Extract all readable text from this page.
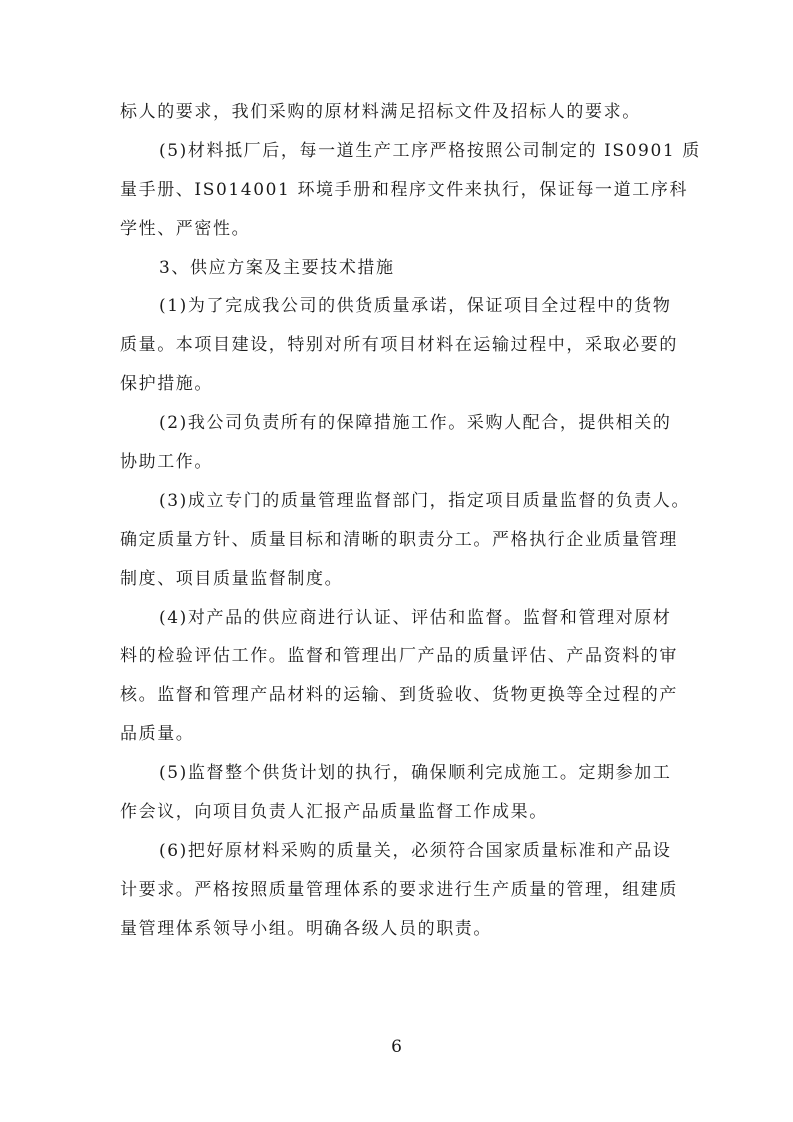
标人的要求，我们采购的原材料满足招标文件及招标人的要求。
(5)材料抵厂后，每一道生产工序严格按照公司制定的 IS0901 质
量手册、IS014001 环境手册和程序文件来执行，保证每一道工序科
学性、严密性。
3、供应方案及主要技术措施
(1)为了完成我公司的供货质量承诺，保证项目全过程中的货物
质量。本项目建设，特别对所有项目材料在运输过程中，采取必要的
保护措施。
(2)我公司负责所有的保障措施工作。采购人配合，提供相关的
协助工作。
(3)成立专门的质量管理监督部门，指定项目质量监督的负责人。
确定质量方针、质量目标和清晰的职责分工。严格执行企业质量管理
制度、项目质量监督制度。
(4)对产品的供应商进行认证、评估和监督。监督和管理对原材
料的检验评估工作。监督和管理出厂产品的质量评估、产品资料的审
核。监督和管理产品材料的运输、到货验收、货物更换等全过程的产
品质量。
(5)监督整个供货计划的执行，确保顺利完成施工。定期参加工
作会议，向项目负责人汇报产品质量监督工作成果。
(6)把好原材料采购的质量关，必须符合国家质量标准和产品设
计要求。严格按照质量管理体系的要求进行生产质量的管理，组建质
量管理体系领导小组。明确各级人员的职责。
6
